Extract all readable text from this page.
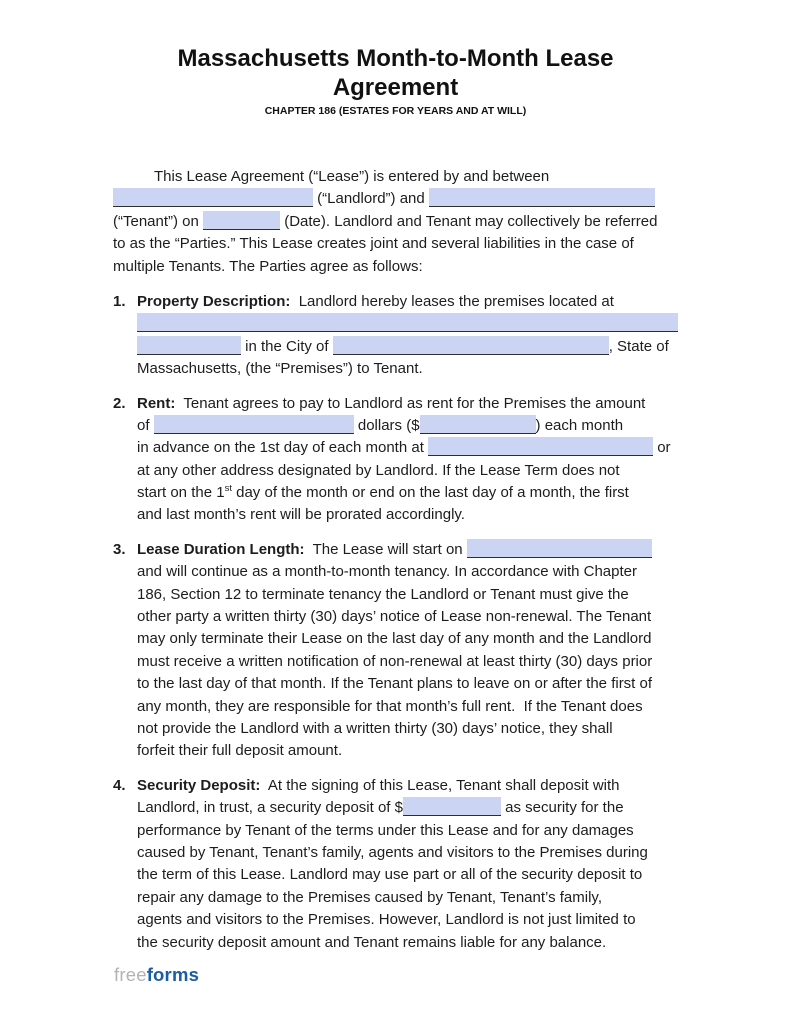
Massachusetts Month-to-Month Lease
Agreement
CHAPTER 186 (ESTATES FOR YEARS AND AT WILL)
This Lease Agreement (“Lease”) is entered by and between
(“Landlord”) and
(“Tenant”) on	(Date). Landlord and Tenant may collectively be referred
to as the “Parties.” This Lease creates joint and several liabilities in the case of
multiple Tenants. The Parties agree as follows:
1. Property Description:  Landlord hereby leases the premises located at
in the City of	, State of
Massachusetts, (the “Premises”) to Tenant.
2. Rent:  Tenant agrees to pay to Landlord as rent for the Premises the amount
of	dollars ($	) each month
in advance on the 1st day of each month at	or
at any other address designated by Landlord. If the Lease Term does not
start on the 1st day of the month or end on the last day of a month, the first
and last month’s rent will be prorated accordingly.
3. Lease Duration Length:  The Lease will start on
and will continue as a month-to-month tenancy. In accordance with Chapter
186, Section 12 to terminate tenancy the Landlord or Tenant must give the
other party a written thirty (30) days’ notice of Lease non-renewal. The Tenant
may only terminate their Lease on the last day of any month and the Landlord
must receive a written notification of non-renewal at least thirty (30) days prior
to the last day of that month. If the Tenant plans to leave on or after the first of
any month, they are responsible for that month’s full rent.  If the Tenant does
not provide the Landlord with a written thirty (30) days’ notice, they shall
forfeit their full deposit amount.
4. Security Deposit:  At the signing of this Lease, Tenant shall deposit with
Landlord, in trust, a security deposit of $	as security for the
performance by Tenant of the terms under this Lease and for any damages
caused by Tenant, Tenant’s family, agents and visitors to the Premises during
the term of this Lease. Landlord may use part or all of the security deposit to
repair any damage to the Premises caused by Tenant, Tenant’s family,
agents and visitors to the Premises. However, Landlord is not just limited to
the security deposit amount and Tenant remains liable for any balance.
freeforms
